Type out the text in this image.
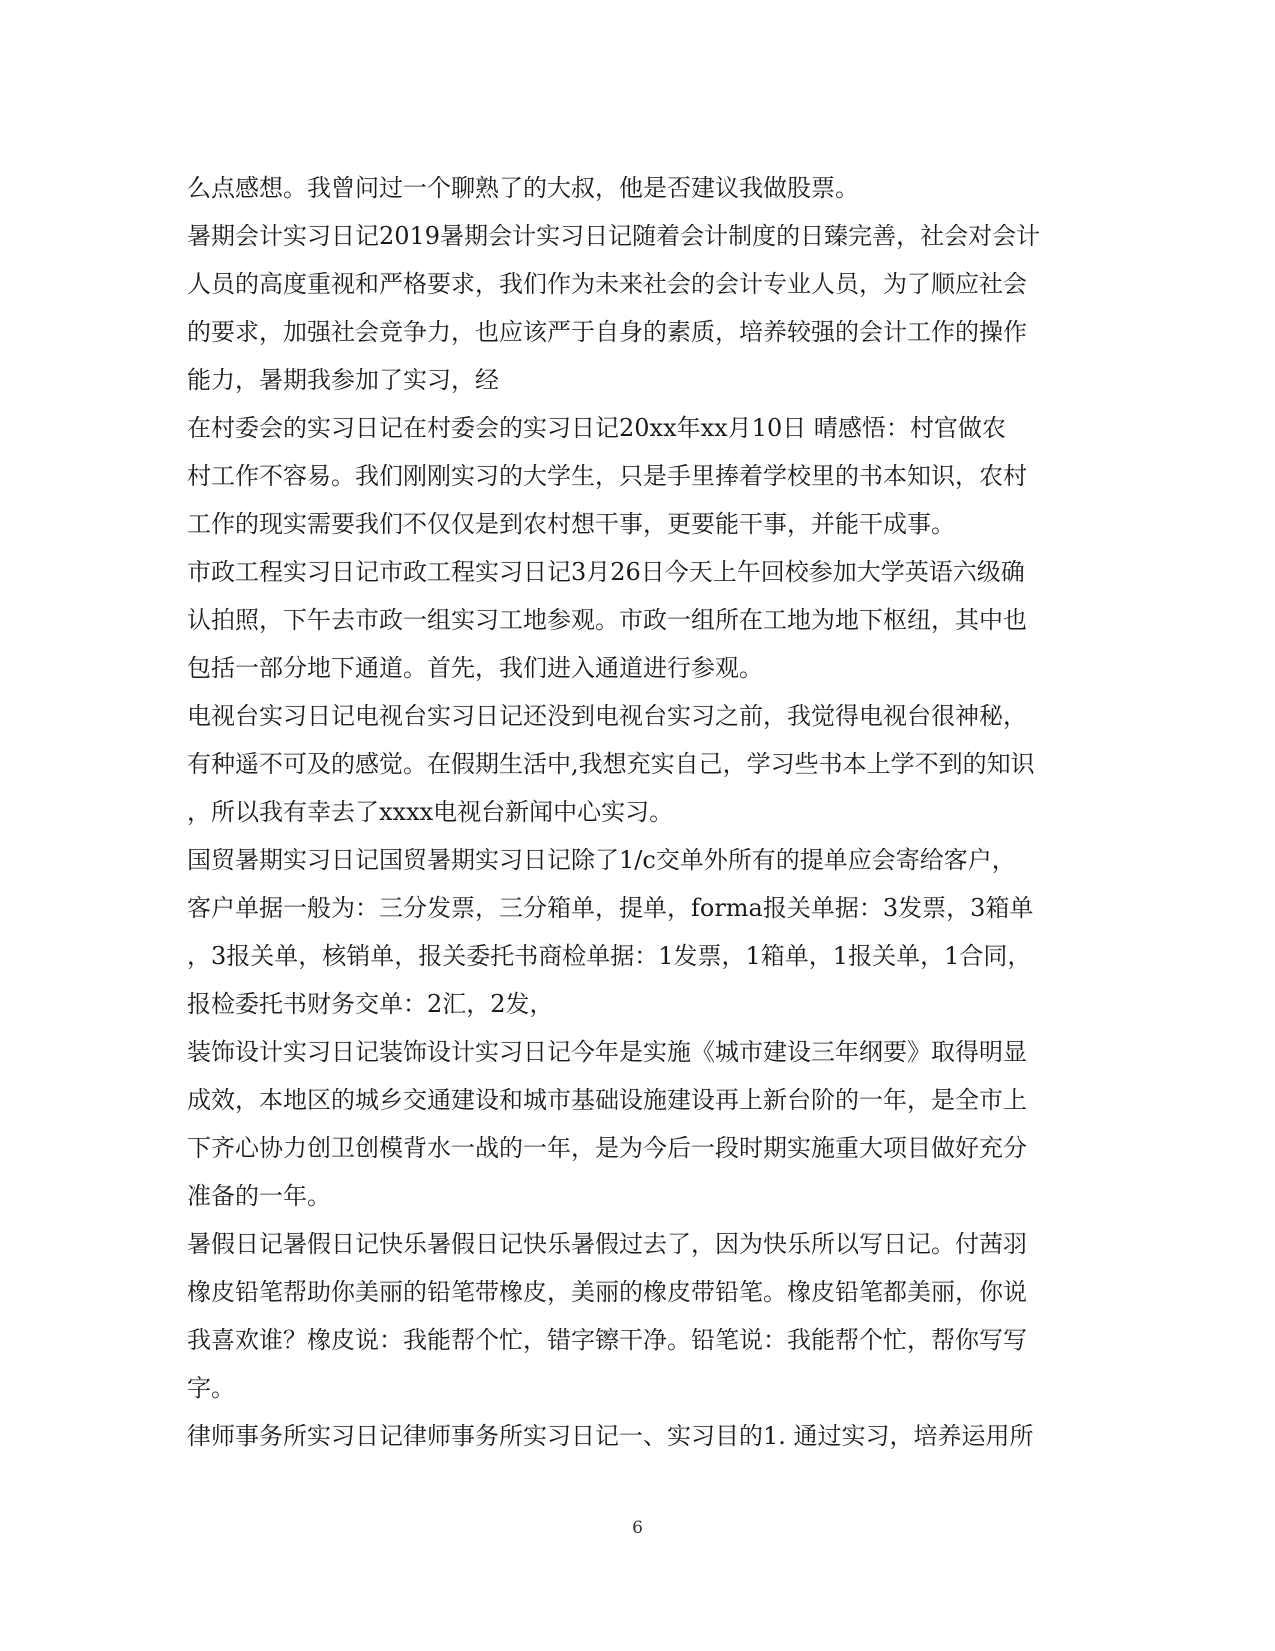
么点感想。我曾问过一个聊熟了的大叔，他是否建议我做股票。
暑期会计实习日记2019暑期会计实习日记随着会计制度的日臻完善，社会对会计
人员的高度重视和严格要求，我们作为未来社会的会计专业人员，为了顺应社会
的要求，加强社会竞争力，也应该严于自身的素质，培养较强的会计工作的操作
能力，暑期我参加了实习，经
在村委会的实习日记在村委会的实习日记20xx年xx月10日 晴感悟：村官做农
村工作不容易。我们刚刚实习的大学生，只是手里捧着学校里的书本知识，农村
工作的现实需要我们不仅仅是到农村想干事，更要能干事，并能干成事。
市政工程实习日记市政工程实习日记3月26日今天上午回校参加大学英语六级确
认拍照，下午去市政一组实习工地参观。市政一组所在工地为地下枢纽，其中也
包括一部分地下通道。首先，我们进入通道进行参观。
电视台实习日记电视台实习日记还没到电视台实习之前，我觉得电视台很神秘，
有种遥不可及的感觉。在假期生活中,我想充实自己，学习些书本上学不到的知识
，所以我有幸去了xxxx电视台新闻中心实习。
国贸暑期实习日记国贸暑期实习日记除了1/c交单外所有的提单应会寄给客户，
客户单据一般为：三分发票，三分箱单，提单，forma报关单据：3发票，3箱单
，3报关单，核销单，报关委托书商检单据：1发票，1箱单，1报关单，1合同，
报检委托书财务交单：2汇，2发，
装饰设计实习日记装饰设计实习日记今年是实施《城市建设三年纲要》取得明显
成效，本地区的城乡交通建设和城市基础设施建设再上新台阶的一年，是全市上
下齐心协力创卫创模背水一战的一年，是为今后一段时期实施重大项目做好充分
准备的一年。
暑假日记暑假日记快乐暑假日记快乐暑假过去了，因为快乐所以写日记。付茜羽
橡皮铅笔帮助你美丽的铅笔带橡皮，美丽的橡皮带铅笔。橡皮铅笔都美丽，你说
我喜欢谁？橡皮说：我能帮个忙，错字镲干净。铅笔说：我能帮个忙，帮你写写
字。
律师事务所实习日记律师事务所实习日记一、实习目的1. 通过实习，培养运用所
6
